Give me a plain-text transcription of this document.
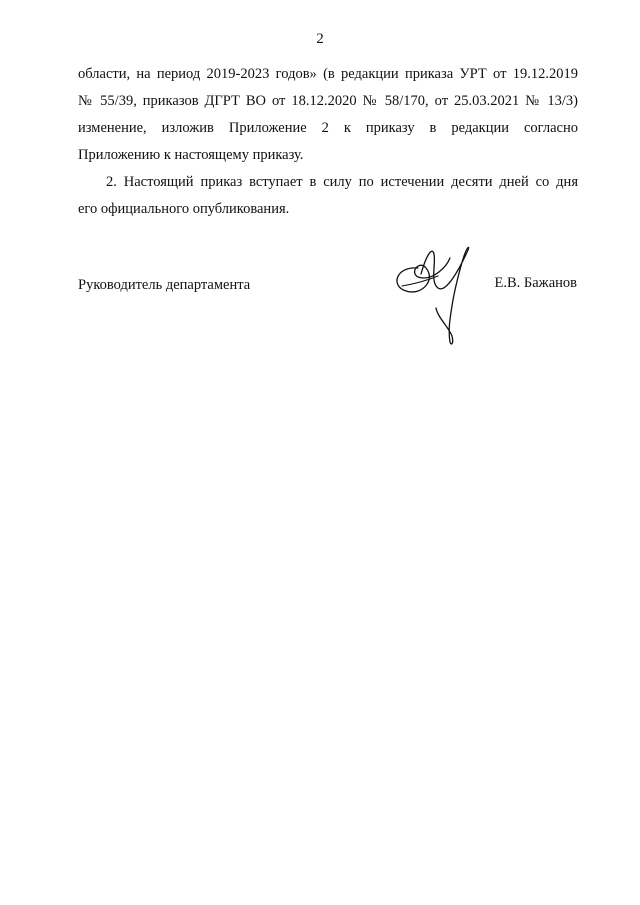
2
области, на период 2019-2023 годов» (в редакции приказа УРТ от 19.12.2019
№ 55/39, приказов ДГРТ ВО от 18.12.2020 № 58/170, от 25.03.2021 № 13/3)
изменение, изложив Приложение 2 к приказу в редакции согласно
Приложению к настоящему приказу.
2. Настоящий приказ вступает в силу по истечении десяти дней со дня
его официального опубликования.
Руководитель департамента	Е.В. Бажанов
